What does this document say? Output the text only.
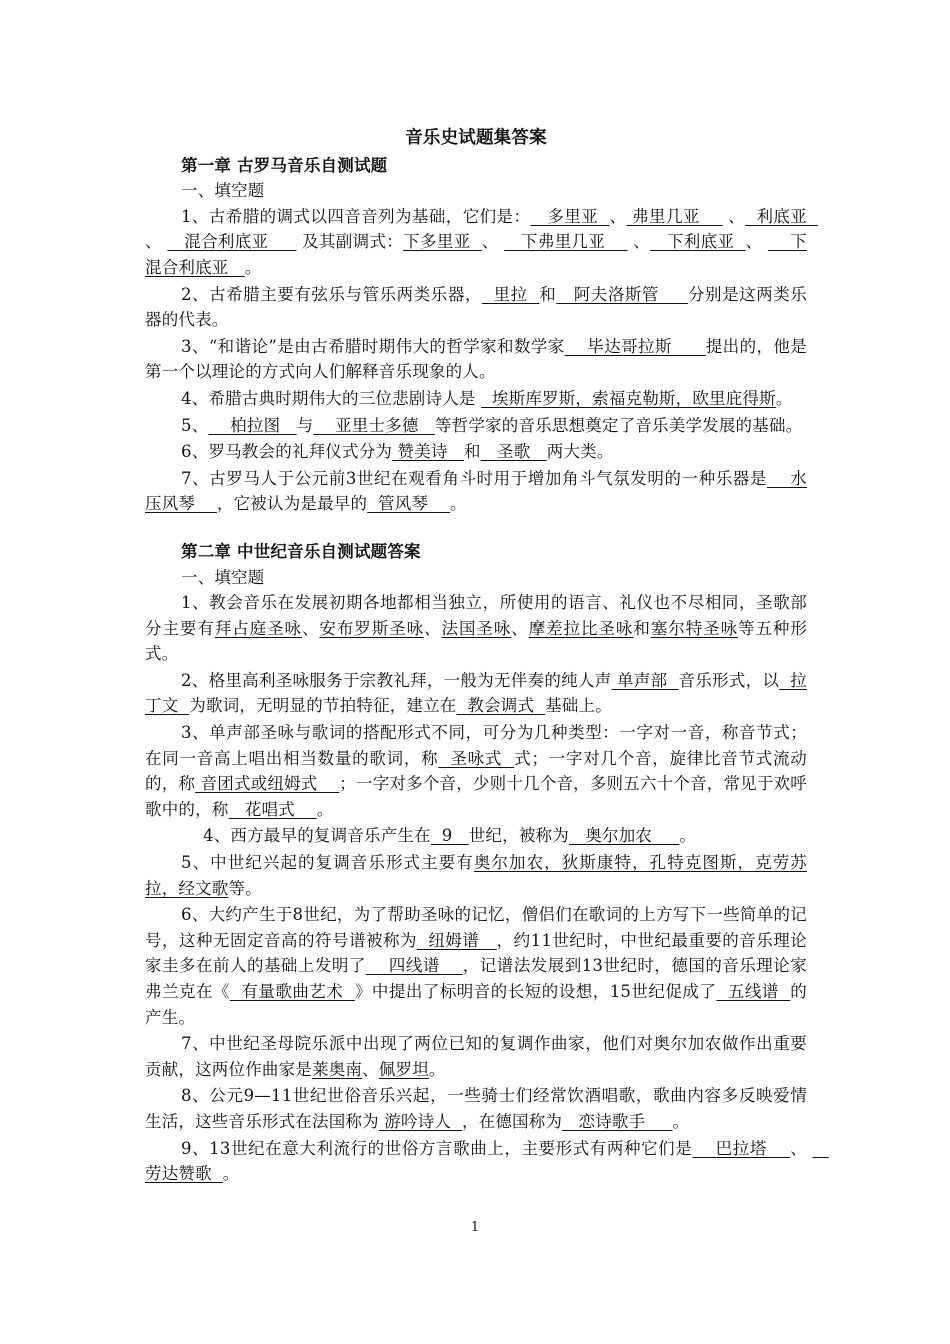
音乐史试题集答案
第一章 古罗马音乐自测试题
一、填空题

1、古希腊的调式以四音音列为基础，它们是：   多里亚  、 弗里几亚     、  利底亚  、    混合利底亚      及其副调式：下多里亚  、    下弗里几亚     、   下利底亚  、     下混合利底亚   。

2、古希腊主要有弦乐与管乐两类乐器，  里拉  和   阿夫洛斯管     分别是这两类乐器的代表。

3、“和谐论”是由古希腊时期伟大的哲学家和数学家    毕达哥拉斯      提出的，他是第一个以理论的方式向人们解释音乐现象的人。

4、希腊古典时期伟大的三位悲剧诗人是   埃斯库罗斯，索福克勒斯，欧里庇得斯。

5、    柏拉图   与    亚里士多德   等哲学家的音乐思想奠定了音乐美学发展的基础。

6、罗马教会的礼拜仪式分为 赞美诗   和   圣歌   两大类。

7、古罗马人于公元前3世纪在观看角斗时用于增加角斗气氛发明的一种乐器是    水压风琴    ，它被认为是最早的  管风琴    。

第二章 中世纪音乐自测试题答案
一、填空题

1、教会音乐在发展初期各地都相当独立，所使用的语言、礼仪也不尽相同，圣歌部分主要有拜占庭圣咏、安布罗斯圣咏、法国圣咏、摩差拉比圣咏和塞尔特圣咏等五种形式。

2、格里高利圣咏服务于宗教礼拜，一般为无伴奏的纯人声 单声部  音乐形式，以  拉丁文  为歌词，无明显的节拍特征，建立在  教会调式  基础上。

3、单声部圣咏与歌词的搭配形式不同，可分为几种类型：一字对一音，称音节式；在同一音高上唱出相当数量的歌词，称  圣咏式  式；一字对几个音，旋律比音节式流动的，称 音团式或纽姆式    ；一字对多个音，少则十几个音，多则五六十个音，常见于欢呼歌中的，称   花唱式    。

4、西方最早的复调音乐产生在  9   世纪，被称为   奥尔加农     。

5、中世纪兴起的复调音乐形式主要有奥尔加农，狄斯康特，孔特克图斯，克劳苏拉，经文歌等。

6、大约产生于8世纪，为了帮助圣咏的记忆，僧侣们在歌词的上方写下一些简单的记号，这种无固定音高的符号谱被称为  纽姆谱   ，约11世纪时，中世纪最重要的音乐理论家圭多在前人的基础上发明了    四线谱    ，记谱法发展到13世纪时，德国的音乐理论家弗兰克在《  有量歌曲艺术  》中提出了标明音的长短的设想，15世纪促成了  五线谱  的产生。

7、中世纪圣母院乐派中出现了两位已知的复调作曲家，他们对奥尔加农做作出重要贡献，这两位作曲家是莱奥南、佩罗坦。

8、公元9—11世纪世俗音乐兴起，一些骑士们经常饮酒唱歌，歌曲内容多反映爱情生活，这些音乐形式在法国称为 游吟诗人  ，在德国称为   恋诗歌手     。

9、13世纪在意大利流行的世俗方言歌曲上，主要形式有两种它们是    巴拉塔    、    劳达赞歌  。

1
